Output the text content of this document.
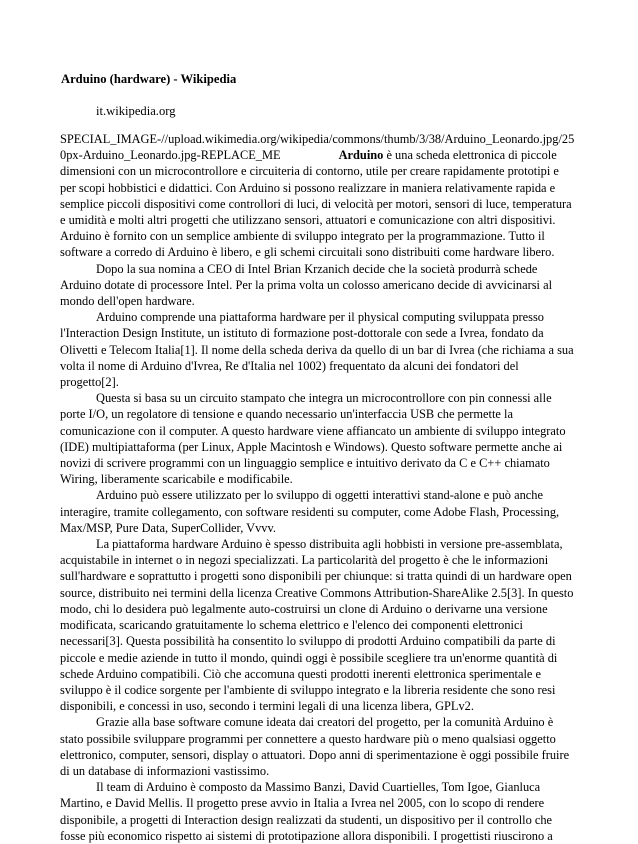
Arduino (hardware) - Wikipedia
it.wikipedia.org
SPECIAL_IMAGE-//upload.wikimedia.org/wikipedia/commons/thumb/3/38/Arduino_Leonardo.jpg/25
0px-Arduino_Leonardo.jpg-REPLACE_ME	Arduino è una scheda elettronica di piccole
dimensioni con un microcontrollore e circuiteria di contorno, utile per creare rapidamente prototipi e
per scopi hobbistici e didattici. Con Arduino si possono realizzare in maniera relativamente rapida e
semplice piccoli dispositivi come controllori di luci, di velocità per motori, sensori di luce, temperatura
e umidità e molti altri progetti che utilizzano sensori, attuatori e comunicazione con altri dispositivi.
Arduino è fornito con un semplice ambiente di sviluppo integrato per la programmazione. Tutto il
software a corredo di Arduino è libero, e gli schemi circuitali sono distribuiti come hardware libero.
Dopo la sua nomina a CEO di Intel Brian Krzanich decide che la società produrrà schede
Arduino dotate di processore Intel. Per la prima volta un colosso americano decide di avvicinarsi al
mondo dell'open hardware.
Arduino comprende una piattaforma hardware per il physical computing sviluppata presso
l'Interaction Design Institute, un istituto di formazione post-dottorale con sede a Ivrea, fondato da
Olivetti e Telecom Italia[1]. Il nome della scheda deriva da quello di un bar di Ivrea (che richiama a sua
volta il nome di Arduino d'Ivrea, Re d'Italia nel 1002) frequentato da alcuni dei fondatori del
progetto[2].
Questa si basa su un circuito stampato che integra un microcontrollore con pin connessi alle
porte I/O, un regolatore di tensione e quando necessario un'interfaccia USB che permette la
comunicazione con il computer. A questo hardware viene affiancato un ambiente di sviluppo integrato
(IDE) multipiattaforma (per Linux, Apple Macintosh e Windows). Questo software permette anche ai
novizi di scrivere programmi con un linguaggio semplice e intuitivo derivato da C e C++ chiamato
Wiring, liberamente scaricabile e modificabile.
Arduino può essere utilizzato per lo sviluppo di oggetti interattivi stand-alone e può anche
interagire, tramite collegamento, con software residenti su computer, come Adobe Flash, Processing,
Max/MSP, Pure Data, SuperCollider, Vvvv.
La piattaforma hardware Arduino è spesso distribuita agli hobbisti in versione pre-assemblata,
acquistabile in internet o in negozi specializzati. La particolarità del progetto è che le informazioni
sull'hardware e soprattutto i progetti sono disponibili per chiunque: si tratta quindi di un hardware open
source, distribuito nei termini della licenza Creative Commons Attribution-ShareAlike 2.5[3]. In questo
modo, chi lo desidera può legalmente auto-costruirsi un clone di Arduino o derivarne una versione
modificata, scaricando gratuitamente lo schema elettrico e l'elenco dei componenti elettronici
necessari[3]. Questa possibilità ha consentito lo sviluppo di prodotti Arduino compatibili da parte di
piccole e medie aziende in tutto il mondo, quindi oggi è possibile scegliere tra un'enorme quantità di
schede Arduino compatibili. Ciò che accomuna questi prodotti inerenti elettronica sperimentale e
sviluppo è il codice sorgente per l'ambiente di sviluppo integrato e la libreria residente che sono resi
disponibili, e concessi in uso, secondo i termini legali di una licenza libera, GPLv2.
Grazie alla base software comune ideata dai creatori del progetto, per la comunità Arduino è
stato possibile sviluppare programmi per connettere a questo hardware più o meno qualsiasi oggetto
elettronico, computer, sensori, display o attuatori. Dopo anni di sperimentazione è oggi possibile fruire
di un database di informazioni vastissimo.
Il team di Arduino è composto da Massimo Banzi, David Cuartielles, Tom Igoe, Gianluca
Martino, e David Mellis. Il progetto prese avvio in Italia a Ivrea nel 2005, con lo scopo di rendere
disponibile, a progetti di Interaction design realizzati da studenti, un dispositivo per il controllo che
fosse più economico rispetto ai sistemi di prototipazione allora disponibili. I progettisti riuscirono a
